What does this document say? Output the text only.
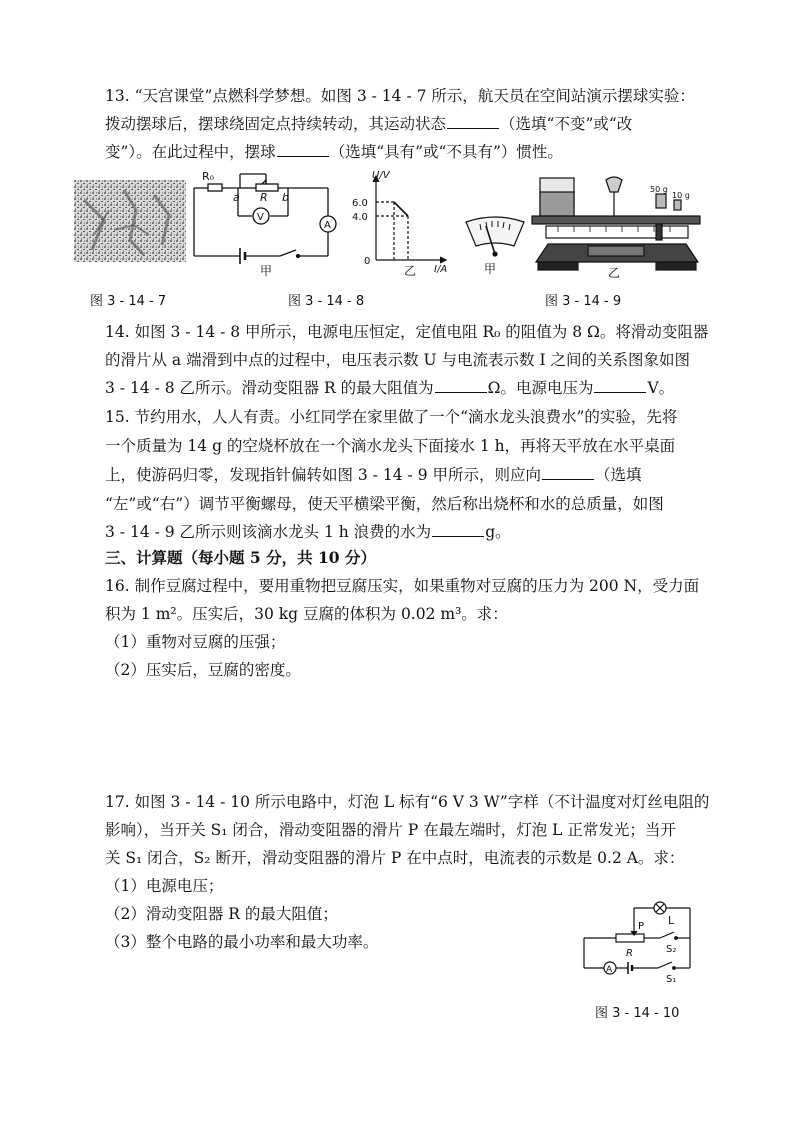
13. “天宫课堂”点燃科学梦想。如图 3 - 14 - 7 所示，航天员在空间站演示摆球实验：
拨动摆球后，摆球绕固定点持续转动，其运动状态	（选填“不变”或“改
变”）。在此过程中，摆球	（选填“具有”或“不具有”）惯性。
图 3 - 14 - 7
R₀
a R b
V
A
甲
U/V
I/A
6.0
4.0
0
乙
图 3 - 14 - 8
甲
50 g
10 g
乙
图 3 - 14 - 9
14. 如图 3 - 14 - 8 甲所示，电源电压恒定，定值电阻 R₀ 的阻值为 8 Ω。将滑动变阻器
的滑片从 a 端滑到中点的过程中，电压表示数 U 与电流表示数 I 之间的关系图象如图
3 - 14 - 8 乙所示。滑动变阻器 R 的最大阻值为	Ω。电源电压为	V。
15. 节约用水，人人有责。小红同学在家里做了一个“滴水龙头浪费水”的实验，先将
一个质量为 14 g 的空烧杯放在一个滴水龙头下面接水 1 h，再将天平放在水平桌面
上，使游码归零，发现指针偏转如图 3 - 14 - 9 甲所示，则应向	（选填
“左”或“右”）调节平衡螺母，使天平横梁平衡，然后称出烧杯和水的总质量，如图
3 - 14 - 9 乙所示则该滴水龙头 1 h 浪费的水为	g。
三、计算题（每小题 5 分，共 10 分）
16. 制作豆腐过程中，要用重物把豆腐压实，如果重物对豆腐的压力为 200 N，受力面
积为 1 m²。压实后，30 kg 豆腐的体积为 0.02 m³。求：
（1）重物对豆腐的压强；
（2）压实后，豆腐的密度。
17. 如图 3 - 14 - 10 所示电路中，灯泡 L 标有“6 V 3 W”字样（不计温度对灯丝电阻的
影响），当开关 S₁ 闭合，滑动变阻器的滑片 P 在最左端时，灯泡 L 正常发光；当开
关 S₁ 闭合，S₂ 断开，滑动变阻器的滑片 P 在中点时，电流表的示数是 0.2 A。求：
（1）电源电压；
（2）滑动变阻器 R 的最大阻值；
（3）整个电路的最小功率和最大功率。
L
P
R	S₂
A
S₁
图 3 - 14 - 10
